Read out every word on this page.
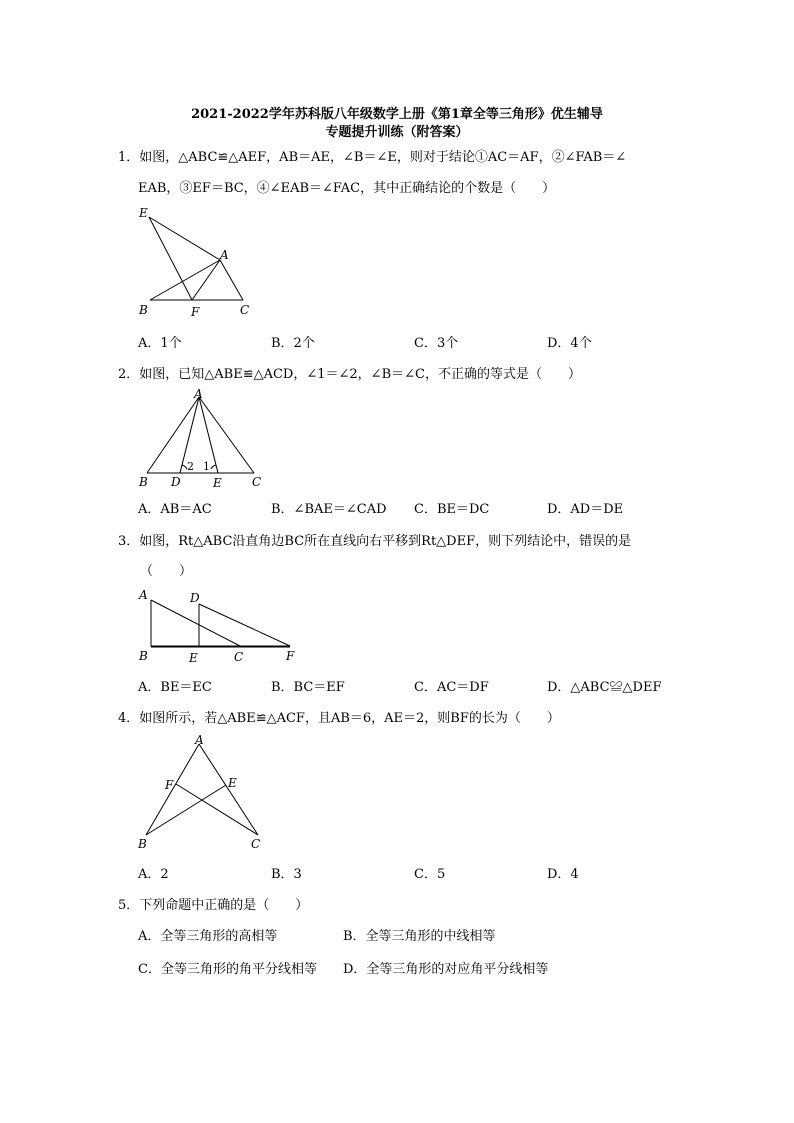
2021-2022学年苏科版八年级数学上册《第1章全等三角形》优生辅导
专题提升训练（附答案）
1．如图，△ABC≌△AEF，AB＝AE，∠B＝∠E，则对于结论①AC＝AF，②∠FAB＝∠
EAB，③EF＝BC，④∠EAB＝∠FAC，其中正确结论的个数是（　　）
E
A
B	F	C
A．1个	B．2个	C．3个	D．4个
2．如图，已知△ABE≌△ACD，∠1＝∠2，∠B＝∠C，不正确的等式是（　　）
A
B D	E	C
2 1
A．AB＝AC	B．∠BAE＝∠CAD C．BE＝DC	D．AD＝DE
3．如图，Rt△ABC沿直角边BC所在直线向右平移到Rt△DEF，则下列结论中，错误的是
（　　）
A	D
B	E	C	F
A．BE＝EC	B．BC＝EF	C．AC＝DF	D．△ABC≌△DEF
4．如图所示，若△ABE≌△ACF，且AB＝6，AE＝2，则BF的长为（　　）
A
F	E
B	C
A．2	B．3	C．5	D．4
5．下列命题中正确的是（　　）
A．全等三角形的高相等	B．全等三角形的中线相等
C．全等三角形的角平分线相等 D．全等三角形的对应角平分线相等
